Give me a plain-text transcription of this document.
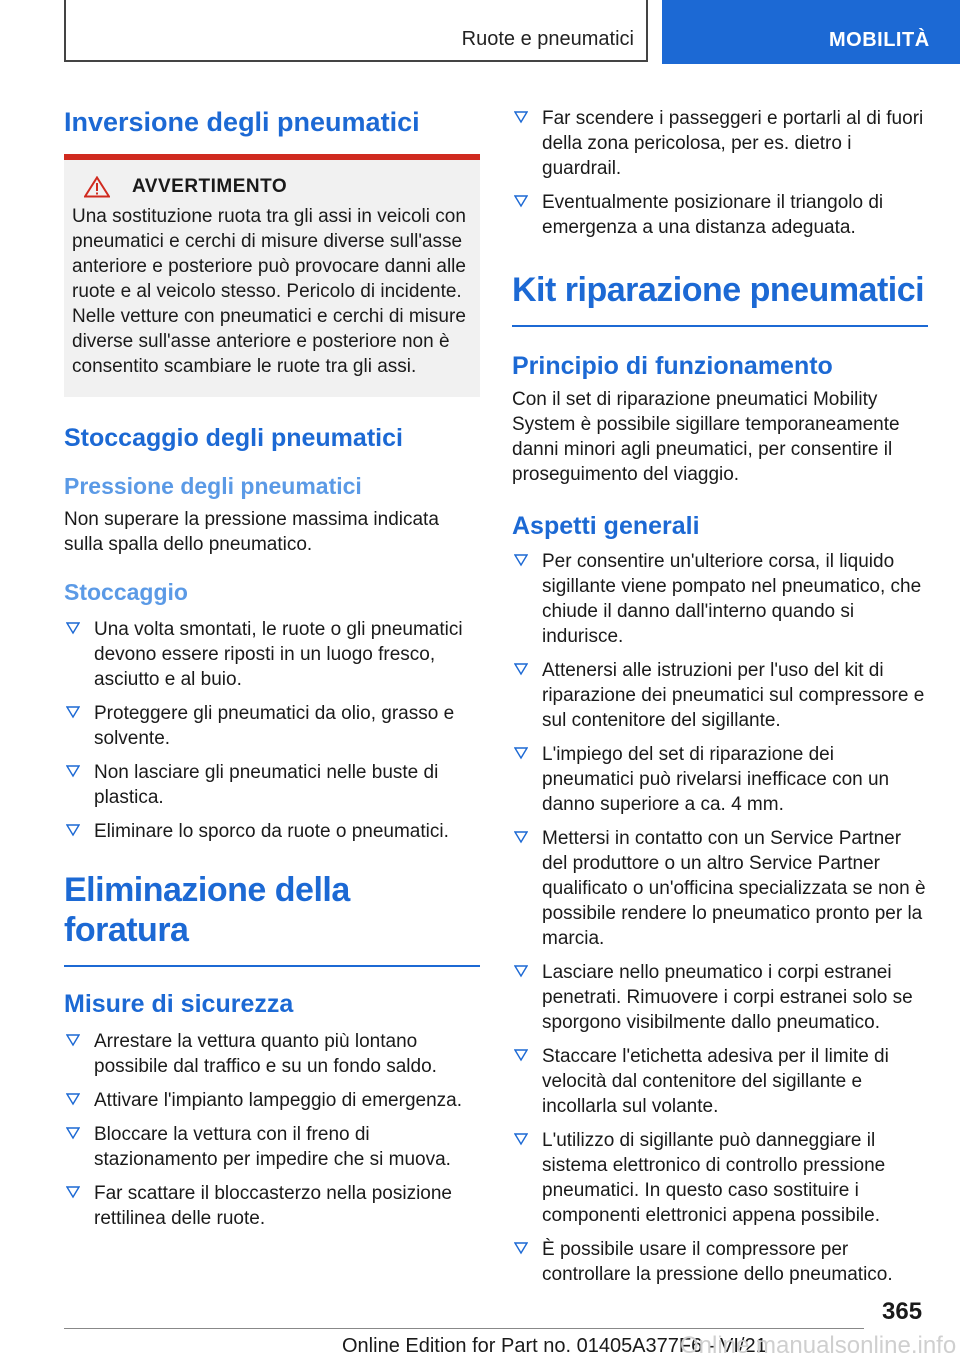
Ruote e pneumatici	MOBILITÀ
Inversione degli pneumatici
AVVERTIMENTO

Una sostituzione ruota tra gli assi in veicoli con pneumatici e cerchi di misure diverse sull'asse anteriore e posteriore può provocare danni alle ruote e al veicolo stesso. Pericolo di incidente. Nelle vetture con pneumatici e cerchi di misure diverse sull'asse anteriore e posteriore non è consentito scambiare le ruote tra gli assi.

Stoccaggio degli pneumatici
Pressione degli pneumatici

Non superare la pressione massima indicata sulla spalla dello pneumatico.

Stoccaggio
Una volta smontati, le ruote o gli pneumatici devono essere riposti in un luogo fresco, asciutto e al buio.
Proteggere gli pneumatici da olio, grasso e solvente.
Non lasciare gli pneumatici nelle buste di plastica.
Eliminare lo sporco da ruote o pneumatici.
Eliminazione della foratura
Misure di sicurezza
Arrestare la vettura quanto più lontano possibile dal traffico e su un fondo saldo.
Attivare l'impianto lampeggio di emergenza.
Bloccare la vettura con il freno di stazionamento per impedire che si muova.
Far scattare il bloccasterzo nella posizione rettilinea delle ruote.
Far scendere i passeggeri e portarli al di fuori della zona pericolosa, per es. dietro i guardrail.
Eventualmente posizionare il triangolo di emergenza a una distanza adeguata.
Kit riparazione pneumatici
Principio di funzionamento

Con il set di riparazione pneumatici Mobility System è possibile sigillare temporaneamente danni minori agli pneumatici, per consentire il proseguimento del viaggio.

Aspetti generali
Per consentire un'ulteriore corsa, il liquido sigillante viene pompato nel pneumatico, che chiude il danno dall'interno quando si indurisce.
Attenersi alle istruzioni per l'uso del kit di riparazione dei pneumatici sul compressore e sul contenitore del sigillante.
L'impiego del set di riparazione dei pneumatici può rivelarsi inefficace con un danno superiore a ca. 4 mm.
Mettersi in contatto con un Service Partner del produttore o un altro Service Partner qualificato o un'officina specializzata se non è possibile rendere lo pneumatico pronto per la marcia.
Lasciare nello pneumatico i corpi estranei penetrati. Rimuovere i corpi estranei solo se sporgono visibilmente dallo pneumatico.
Staccare l'etichetta adesiva per il limite di velocità dal contenitore del sigillante e incollarla sul volante.
L'utilizzo di sigillante può danneggiare il sistema elettronico di controllo pressione pneumatici. In questo caso sostituire i componenti elettronici appena possibile.
È possibile usare il compressore per controllare la pressione dello pneumatico.
365
Online Edition for Part no. 01405A377F6 - VI/21
Online manualsonline.info
